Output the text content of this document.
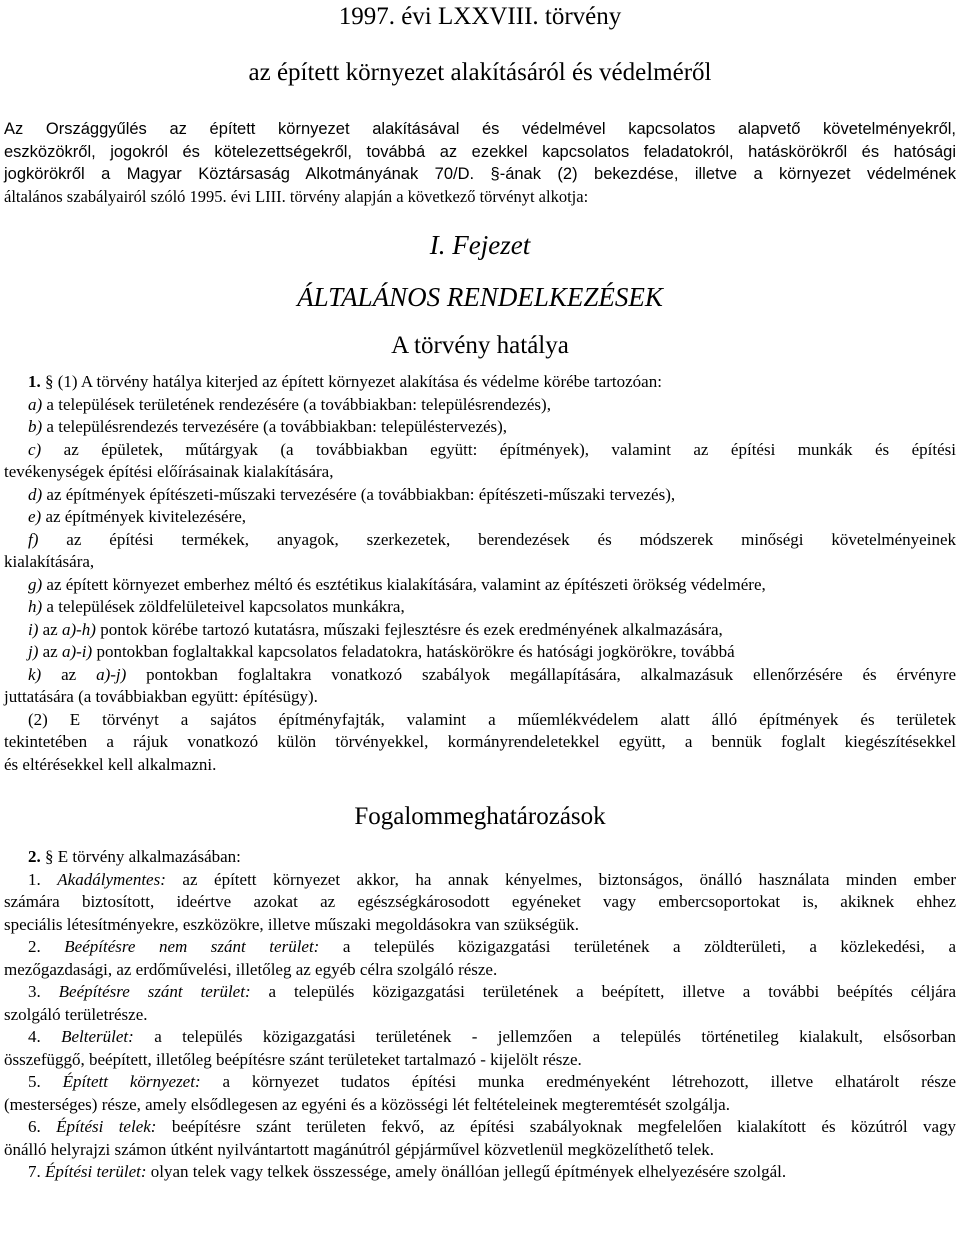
1997. évi LXXVIII. törvény
az épített környezet alakításáról és védelméről
Az Országgyűlés az épített környezet alakításával és védelmével kapcsolatos alapvető követelményekről,
eszközökről, jogokról és kötelezettségekről, továbbá az ezekkel kapcsolatos feladatokról, hatáskörökről és hatósági
jogkörökről a Magyar Köztársaság Alkotmányának 70/D. §-ának (2) bekezdése, illetve a környezet védelmének
általános szabályairól szóló 1995. évi LIII. törvény alapján a következő törvényt alkotja:
I. Fejezet
ÁLTALÁNOS RENDELKEZÉSEK
A törvény hatálya
1. § (1) A törvény hatálya kiterjed az épített környezet alakítása és védelme körébe tartozóan:
a) a települések területének rendezésére (a továbbiakban: településrendezés),
b) a településrendezés tervezésére (a továbbiakban: településtervezés),
c) az épületek, műtárgyak (a továbbiakban együtt: építmények), valamint az építési munkák és építési
tevékenységek építési előírásainak kialakítására,
d) az építmények építészeti-műszaki tervezésére (a továbbiakban: építészeti-műszaki tervezés),
e) az építmények kivitelezésére,
f) az építési termékek, anyagok, szerkezetek, berendezések és módszerek minőségi követelményeinek
kialakítására,
g) az épített környezet emberhez méltó és esztétikus kialakítására, valamint az építészeti örökség védelmére,
h) a települések zöldfelületeivel kapcsolatos munkákra,
i) az a)-h) pontok körébe tartozó kutatásra, műszaki fejlesztésre és ezek eredményének alkalmazására,
j) az a)-i) pontokban foglaltakkal kapcsolatos feladatokra, hatáskörökre és hatósági jogkörökre, továbbá
k) az a)-j) pontokban foglaltakra vonatkozó szabályok megállapítására, alkalmazásuk ellenőrzésére és érvényre
juttatására (a továbbiakban együtt: építésügy).
(2) E törvényt a sajátos építményfajták, valamint a műemlékvédelem alatt álló építmények és területek
tekintetében a rájuk vonatkozó külön törvényekkel, kormányrendeletekkel együtt, a bennük foglalt kiegészítésekkel
és eltérésekkel kell alkalmazni.
Fogalommeghatározások
2. § E törvény alkalmazásában:
1. Akadálymentes: az épített környezet akkor, ha annak kényelmes, biztonságos, önálló használata minden ember
számára biztosított, ideértve azokat az egészségkárosodott egyéneket vagy embercsoportokat is, akiknek ehhez
speciális létesítményekre, eszközökre, illetve műszaki megoldásokra van szükségük.
2. Beépítésre nem szánt terület: a település közigazgatási területének a zöldterületi, a közlekedési, a
mezőgazdasági, az erdőművelési, illetőleg az egyéb célra szolgáló része.
3. Beépítésre szánt terület: a település közigazgatási területének a beépített, illetve a további beépítés céljára
szolgáló területrésze.
4. Belterület: a település közigazgatási területének - jellemzően a település történetileg kialakult, elsősorban
összefüggő, beépített, illetőleg beépítésre szánt területeket tartalmazó - kijelölt része.
5. Épített környezet: a környezet tudatos építési munka eredményeként létrehozott, illetve elhatárolt része
(mesterséges) része, amely elsődlegesen az egyéni és a közösségi lét feltételeinek megteremtését szolgálja.
6. Építési telek: beépítésre szánt területen fekvő, az építési szabályoknak megfelelően kialakított és közútról vagy
önálló helyrajzi számon útként nyilvántartott magánútról gépjárművel közvetlenül megközelíthető telek.
7. Építési terület: olyan telek vagy telkek összessége, amely önállóan jellegű építmények elhelyezésére szolgál.
